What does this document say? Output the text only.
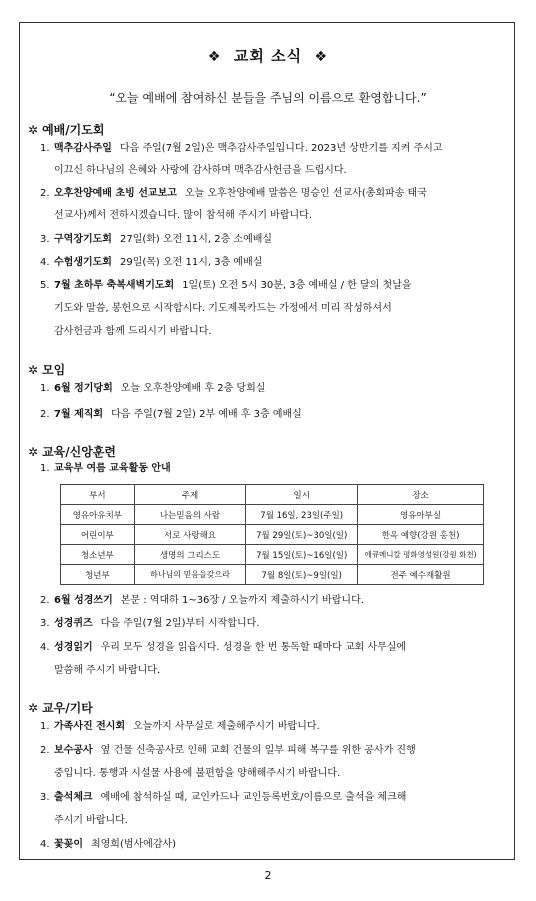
❖ 교회 소식 ❖
“오늘 예배에 참여하신 분들을 주님의 이름으로 환영합니다.”
✲ 예배/기도회
1. 맥추감사주일 다음 주일(7월 2일)은 맥추감사주일입니다. 2023년 상반기를 지켜 주시고
이끄신 하나님의 은혜와 사랑에 감사하며 맥추감사헌금을 드립시다.
2. 오후찬양예배 초빙 선교보고 오늘 오후찬양예배 말씀은 명승인 선교사(총회파송 태국
선교사)께서 전하시겠습니다. 많이 참석해 주시기 바랍니다.
3. 구역장기도회 27일(화) 오전 11시, 2층 소예배실
4. 수험생기도회 29일(목) 오전 11시, 3층 예배실
5. 7월 초하루 축복새벽기도회 1일(토) 오전 5시 30분, 3층 예배실 / 한 달의 첫날을
기도와 말씀, 봉헌으로 시작합시다. 기도제목카드는 가정에서 미리 작성하셔서
감사헌금과 함께 드리시기 바랍니다.
✲ 모임
1. 6월 정기당회 오늘 오후찬양예배 후 2층 당회실
2. 7월 제직회 다음 주일(7월 2일) 2부 예배 후 3층 예배실
✲ 교육/신앙훈련
1. 교육부 여름 교육활동 안내
부서	주제	일시	장소
영유아유치부	나는믿음의 사람	7월 16일, 23일(주일)	영유아부실
어린이부	서로 사랑해요	7월 29일(토)~30일(일)	한옥 예향(강원 홍천)
청소년부	생명의 그리스도	7월 15일(토)~16일(일)	에큐메니칼 평화영성원(강원 화천)
청년부	하나님의 믿음을갖으라	7월 8일(토)~9일(일)	전주 예수재활원
2. 6월 성경쓰기 본문 : 역대하 1~36장 / 오늘까지 제출하시기 바랍니다.
3. 성경퀴즈 다음 주일(7월 2일)부터 시작합니다.
4. 성경읽기 우리 모두 성경을 읽읍시다. 성경을 한 번 통독할 때마다 교회 사무실에
말씀해 주시기 바랍니다.
✲ 교우/기타
1. 가족사진 전시회 오늘까지 사무실로 제출해주시기 바랍니다.
2. 보수공사 옆 건물 신축공사로 인해 교회 건물의 일부 피해 복구를 위한 공사가 진행
중입니다. 통행과 시설물 사용에 불편함을 양해해주시기 바랍니다.
3. 출석체크 예배에 참석하실 때, 교인카드나 교인등록번호/이름으로 출석을 체크해
주시기 바랍니다.
4. 꽃꽂이 최영희(범사에감사)
2
